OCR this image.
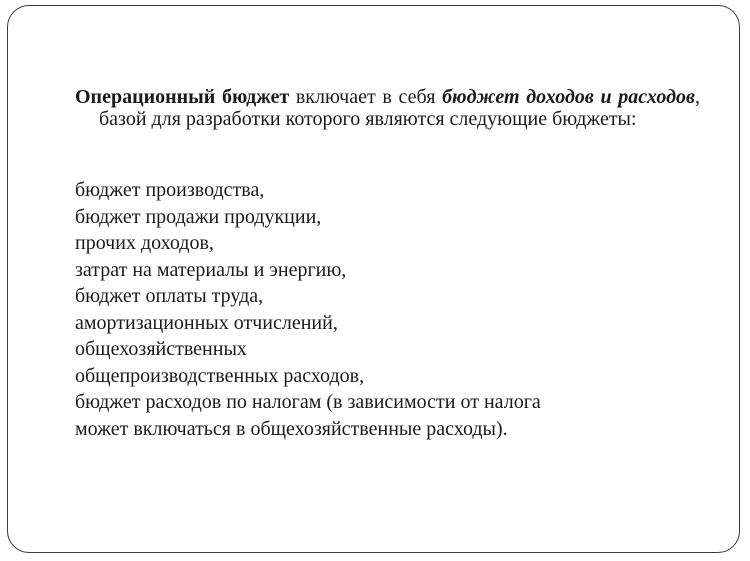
Операционный бюджет включает в себя бюджет доходов и расходов, базой для разработки которого являются следующие бюджеты:

бюджет производства,
бюджет продажи продукции,
прочих доходов,
затрат на материалы и энергию,
бюджет оплаты труда,
амортизационных отчислений,
общехозяйственных
общепроизводственных расходов,
бюджет расходов по налогам (в зависимости от налога
может включаться в общехозяйственные расходы).
